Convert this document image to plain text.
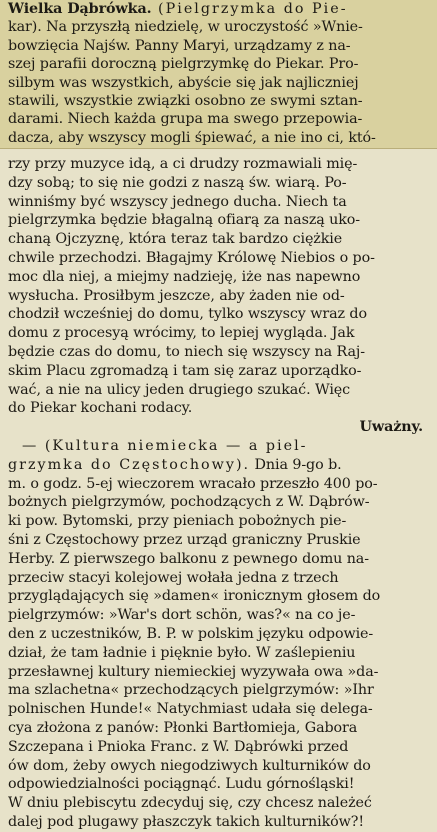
Wielka Dąbrówka. (Pielgrzymka do Pie-
kar). Na przyszłą niedzielę, w uroczystość »Wnie-
bowzięcia Najśw. Panny Maryi, urządzamy z na-
szej parafii doroczną pielgrzymkę do Piekar. Pro-
silbym was wszystkich, abyście się jak najliczniej
stawili, wszystkie związki osobno ze swymi sztan-
darami. Niech każda grupa ma swego przepowia-
dacza, aby wszyscy mogli śpiewać, a nie ino ci, któ-
rzy przy muzyce idą, a ci drudzy rozmawiali mię-
dzy sobą; to się nie godzi z naszą św. wiarą. Po-
winniśmy być wszyscy jednego ducha. Niech ta
pielgrzymka będzie błagalną ofiarą za naszą uko-
chaną Ojczyznę, która teraz tak bardzo ciężkie
chwile przechodzi. Błagajmy Królowę Niebios o po-
moc dla niej, a miejmy nadzieję, iże nas napewno
wysłucha. Prosiłbym jeszcze, aby żaden nie od-
chodził wcześniej do domu, tylko wszyscy wraz do
domu z procesyą wrócimy, to lepiej wygląda. Jak
będzie czas do domu, to niech się wszyscy na Raj-
skim Placu zgromadzą i tam się zaraz uporządko-
wać, a nie na ulicy jeden drugiego szukać. Więc
do Piekar kochani rodacy.
Uważny.
— (Kultura niemiecka — a piel-
grzymka do Częstochowy). Dnia 9-go b.
m. o godz. 5-ej wieczorem wracało przeszło 400 po-
bożnych pielgrzymów, pochodzących z W. Dąbrów-
ki pow. Bytomski, przy pieniach pobożnych pie-
śni z Częstochowy przez urząd graniczny Pruskie
Herby. Z pierwszego balkonu z pewnego domu na-
przeciw stacyi kolejowej wołała jedna z trzech
przyglądających się »damen« ironicznym głosem do
pielgrzymów: »War's dort schön, was?« na co je-
den z uczestników, B. P. w polskim języku odpowie-
dział, że tam ładnie i pięknie było. W zaślepieniu
przesławnej kultury niemieckiej wyzywała owa »da-
ma szlachetna« przechodzących pielgrzymów: »Ihr
polnischen Hunde!« Natychmiast udała się delega-
cya złożona z panów: Płonki Bartłomieja, Gabora
Szczepana i Pnioka Franc. z W. Dąbrówki przed
ów dom, żeby owych niegodziwych kulturników do
odpowiedzialności pociągnąć. Ludu górnośląski!
W dniu plebiscytu zdecyduj się, czy chcesz należeć
dalej pod plugawy płaszczyk takich kulturników?!
